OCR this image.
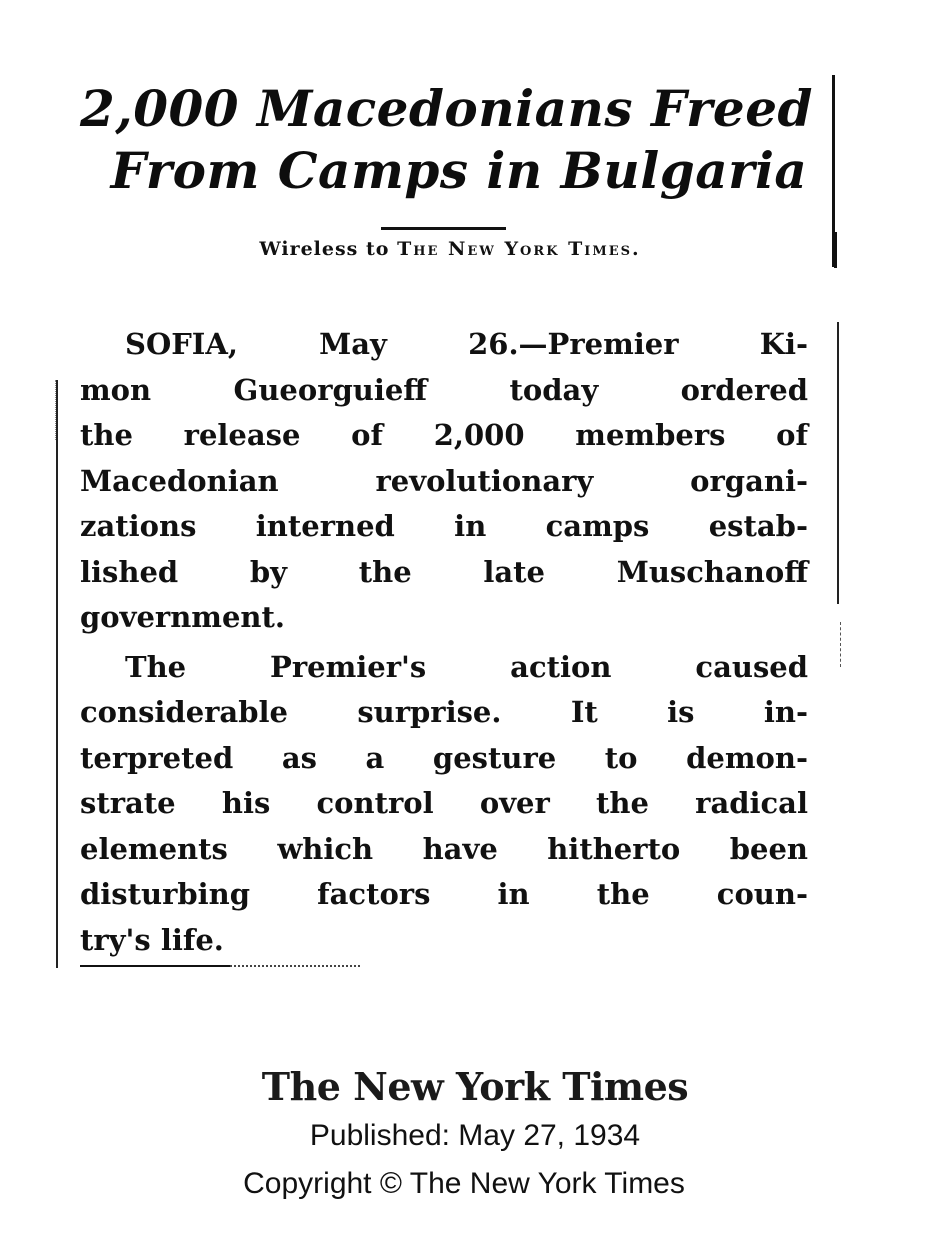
2,000 Macedonians Freed
From Camps in Bulgaria
Wireless to The New York Times.
SOFIA, May 26.—Premier Ki-
mon Gueorguieff today ordered
the release of 2,000 members of
Macedonian revolutionary organi-
zations interned in camps estab-
lished by the late Muschanoff
government.
The Premier's action caused
considerable surprise. It is in-
terpreted as a gesture to demon-
strate his control over the radical
elements which have hitherto been
disturbing factors in the coun-
try's life.
The New York Times
Published: May 27, 1934
Copyright © The New York Times
